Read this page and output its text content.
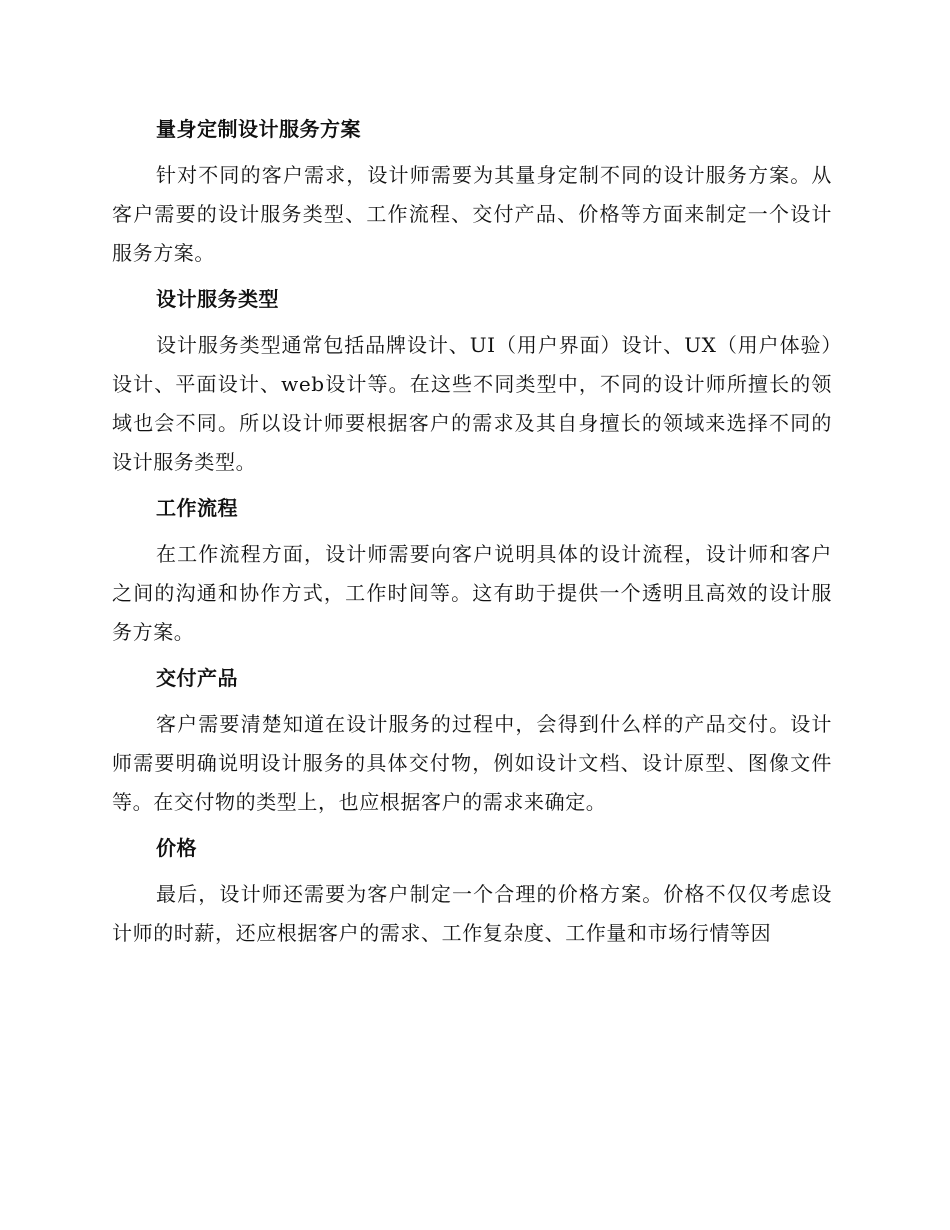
量身定制设计服务方案

针对不同的客户需求，设计师需要为其量身定制不同的设计服务方案。从客户需要的设计服务类型、工作流程、交付产品、价格等方面来制定一个设计服务方案。

设计服务类型

设计服务类型通常包括品牌设计、UI（用户界面）设计、UX（用户体验）设计、平面设计、web设计等。在这些不同类型中，不同的设计师所擅长的领域也会不同。所以设计师要根据客户的需求及其自身擅长的领域来选择不同的设计服务类型。

工作流程

在工作流程方面，设计师需要向客户说明具体的设计流程，设计师和客户之间的沟通和协作方式，工作时间等。这有助于提供一个透明且高效的设计服务方案。

交付产品

客户需要清楚知道在设计服务的过程中，会得到什么样的产品交付。设计师需要明确说明设计服务的具体交付物，例如设计文档、设计原型、图像文件等。在交付物的类型上，也应根据客户的需求来确定。

价格

最后，设计师还需要为客户制定一个合理的价格方案。价格不仅仅考虑设计师的时薪，还应根据客户的需求、工作复杂度、工作量和市场行情等因
